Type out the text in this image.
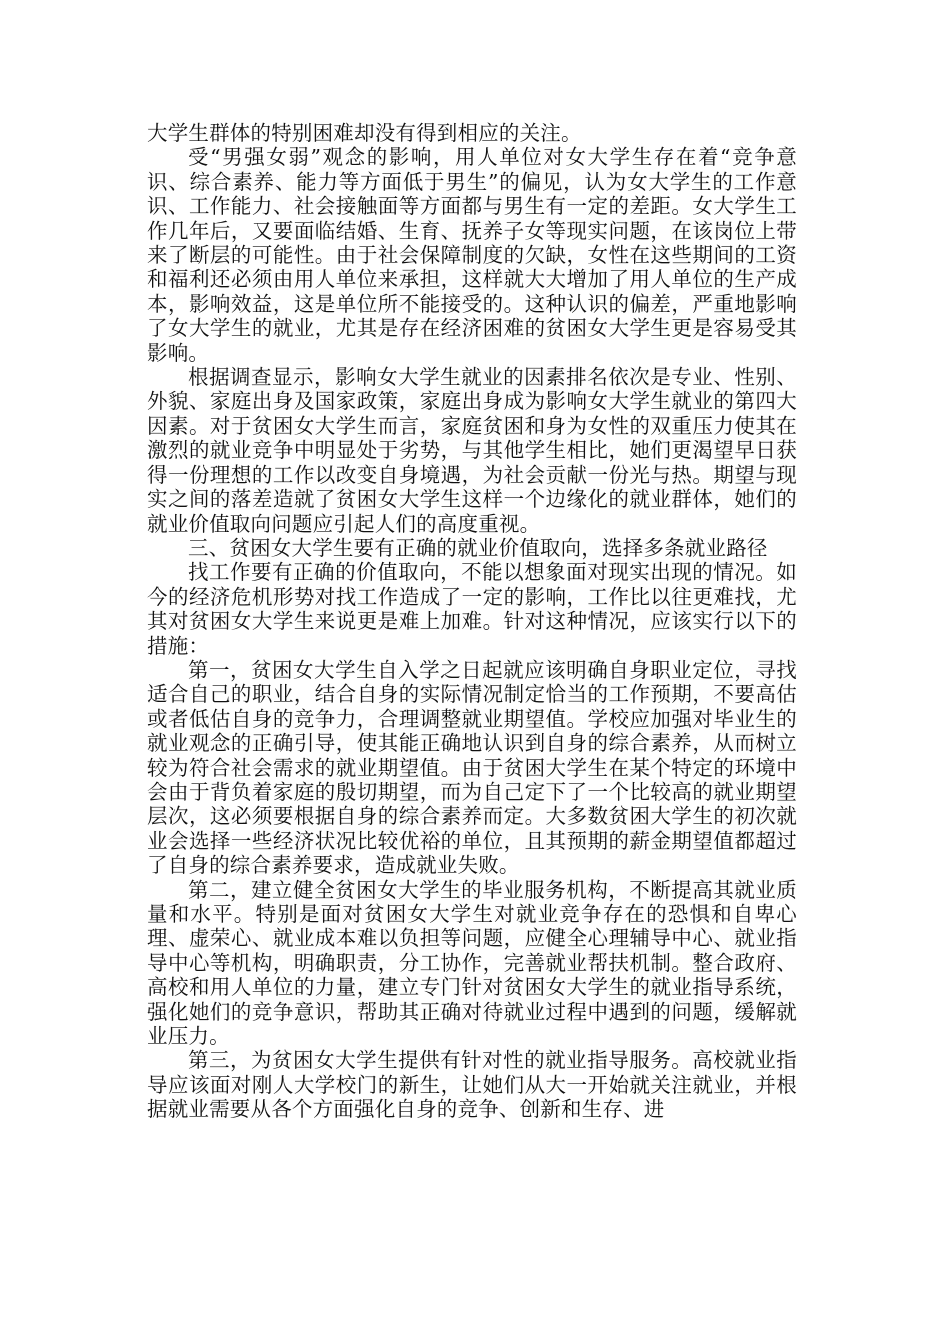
大学生群体的特别困难却没有得到相应的关注。

受“男强女弱”观念的影响，用人单位对女大学生存在着“竞争意识、综合素养、能力等方面低于男生”的偏见，认为女大学生的工作意识、工作能力、社会接触面等方面都与男生有一定的差距。女大学生工作几年后，又要面临结婚、生育、抚养子女等现实问题，在该岗位上带来了断层的可能性。由于社会保障制度的欠缺，女性在这些期间的工资和福利还必须由用人单位来承担，这样就大大增加了用人单位的生产成本，影响效益，这是单位所不能接受的。这种认识的偏差，严重地影响了女大学生的就业，尤其是存在经济困难的贫困女大学生更是容易受其影响。

根据调查显示，影响女大学生就业的因素排名依次是专业、性别、外貌、家庭出身及国家政策，家庭出身成为影响女大学生就业的第四大因素。对于贫困女大学生而言，家庭贫困和身为女性的双重压力使其在激烈的就业竞争中明显处于劣势，与其他学生相比，她们更渴望早日获得一份理想的工作以改变自身境遇，为社会贡献一份光与热。期望与现实之间的落差造就了贫困女大学生这样一个边缘化的就业群体，她们的就业价值取向问题应引起人们的高度重视。

三、贫困女大学生要有正确的就业价值取向，选择多条就业路径

找工作要有正确的价值取向，不能以想象面对现实出现的情况。如今的经济危机形势对找工作造成了一定的影响，工作比以往更难找，尤其对贫困女大学生来说更是难上加难。针对这种情况，应该实行以下的措施：

第一，贫困女大学生自入学之日起就应该明确自身职业定位，寻找适合自己的职业，结合自身的实际情况制定恰当的工作预期，不要高估或者低估自身的竞争力，合理调整就业期望值。学校应加强对毕业生的就业观念的正确引导，使其能正确地认识到自身的综合素养，从而树立较为符合社会需求的就业期望值。由于贫困大学生在某个特定的环境中会由于背负着家庭的殷切期望，而为自己定下了一个比较高的就业期望层次，这必须要根据自身的综合素养而定。大多数贫困大学生的初次就业会选择一些经济状况比较优裕的单位，且其预期的薪金期望值都超过了自身的综合素养要求，造成就业失败。

第二，建立健全贫困女大学生的毕业服务机构，不断提高其就业质量和水平。特别是面对贫困女大学生对就业竞争存在的恐惧和自卑心理、虚荣心、就业成本难以负担等问题，应健全心理辅导中心、就业指导中心等机构，明确职责，分工协作，完善就业帮扶机制。整合政府、高校和用人单位的力量，建立专门针对贫困女大学生的就业指导系统，强化她们的竞争意识，帮助其正确对待就业过程中遇到的问题，缓解就业压力。

第三，为贫困女大学生提供有针对性的就业指导服务。高校就业指导应该面对刚人大学校门的新生，让她们从大一开始就关注就业，并根据就业需要从各个方面强化自身的竞争、创新和生存、进
